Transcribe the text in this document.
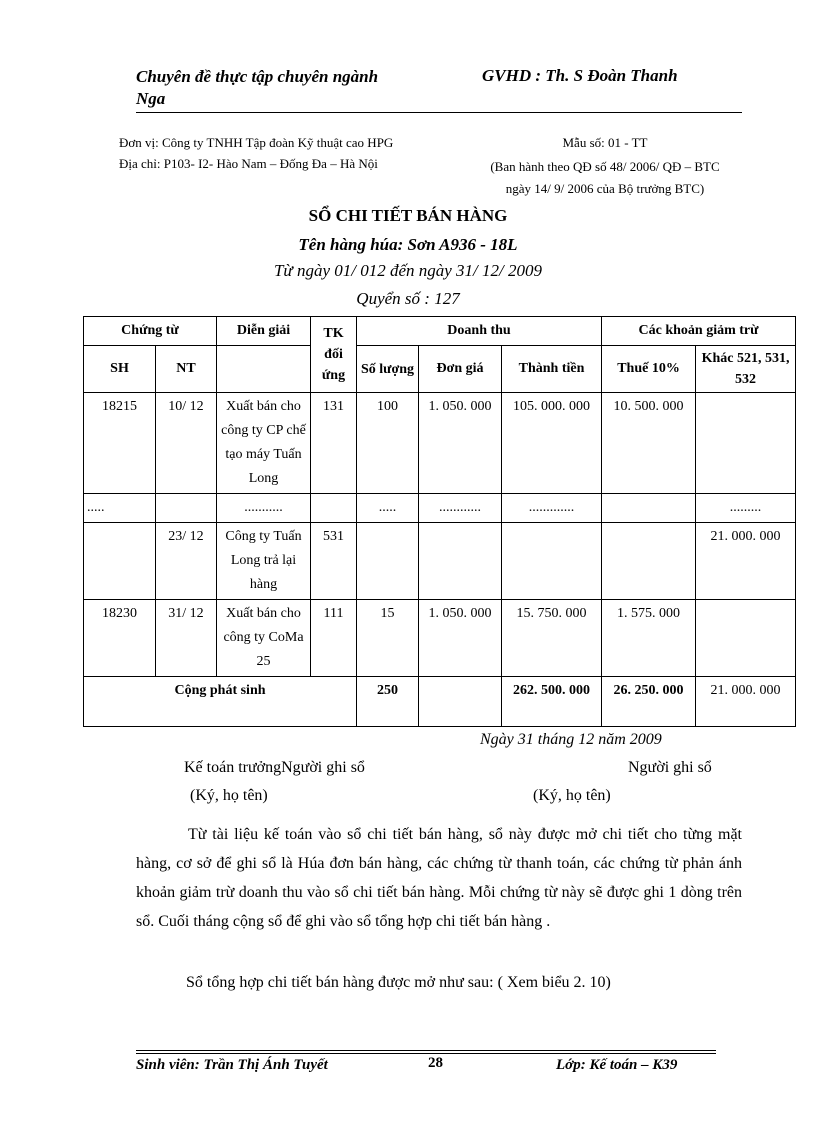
Chuyên đề thực tập chuyên ngành
Nga
GVHD : Th. S Đoàn Thanh
Đơn vị: Công ty TNHH Tập đoàn Kỹ thuật cao HPG
Địa chỉ: P103- I2- Hào Nam – Đống Đa – Hà Nội
Mẫu số: 01 - TT
(Ban hành theo QĐ số 48/ 2006/ QĐ – BTC
ngày 14/ 9/ 2006 của Bộ trưởng BTC)
SỔ CHI TIẾT BÁN HÀNG
Tên hàng húa: Sơn A936 - 18L
Từ ngày 01/ 012 đến ngày 31/ 12/ 2009
Quyển số : 127
Chứng từ		Diễn giải	TK đối ứng	Doanh thu			Các khoản giảm trừ	
SH	NT			Số lượng	Đơn giá	Thành tiền	Thuế 10%	Khác 521, 531, 532
18215	10/ 12	Xuất bán cho công ty CP chế tạo máy Tuấn Long	131	100	1. 050. 000	105. 000. 000	10. 500. 000	
.....		...........		.....	............	.............		.........
	23/ 12	Công ty Tuấn Long trả lại hàng	531					21. 000. 000
18230	31/ 12	Xuất bán cho công ty CoMa 25	111	15	1. 050. 000	15. 750. 000	1. 575. 000	
Cộng phát sinh				250		262. 500. 000	26. 250. 000	21. 000. 000
Ngày 31 tháng 12 năm 2009
Kế toán trưởngNgười ghi sổ
(Ký, họ tên)
Người ghi sổ
(Ký, họ tên)
Từ tài liệu kế toán vào sổ chi tiết bán hàng, sổ này được mở chi tiết cho từng mặt hàng, cơ sở để ghi sổ là Húa đơn bán hàng, các chứng từ thanh toán, các chứng từ phản ánh khoản giảm trừ doanh thu vào sổ chi tiết bán hàng. Mỗi chứng từ này sẽ được ghi 1 dòng trên sổ. Cuối tháng cộng sổ để ghi vào sổ tổng hợp chi tiết bán hàng .
Sổ tổng hợp chi tiết bán hàng được mở như sau: ( Xem biểu 2. 10)
Sinh viên: Trần Thị Ánh Tuyết	28	Lớp: Kế toán – K39
